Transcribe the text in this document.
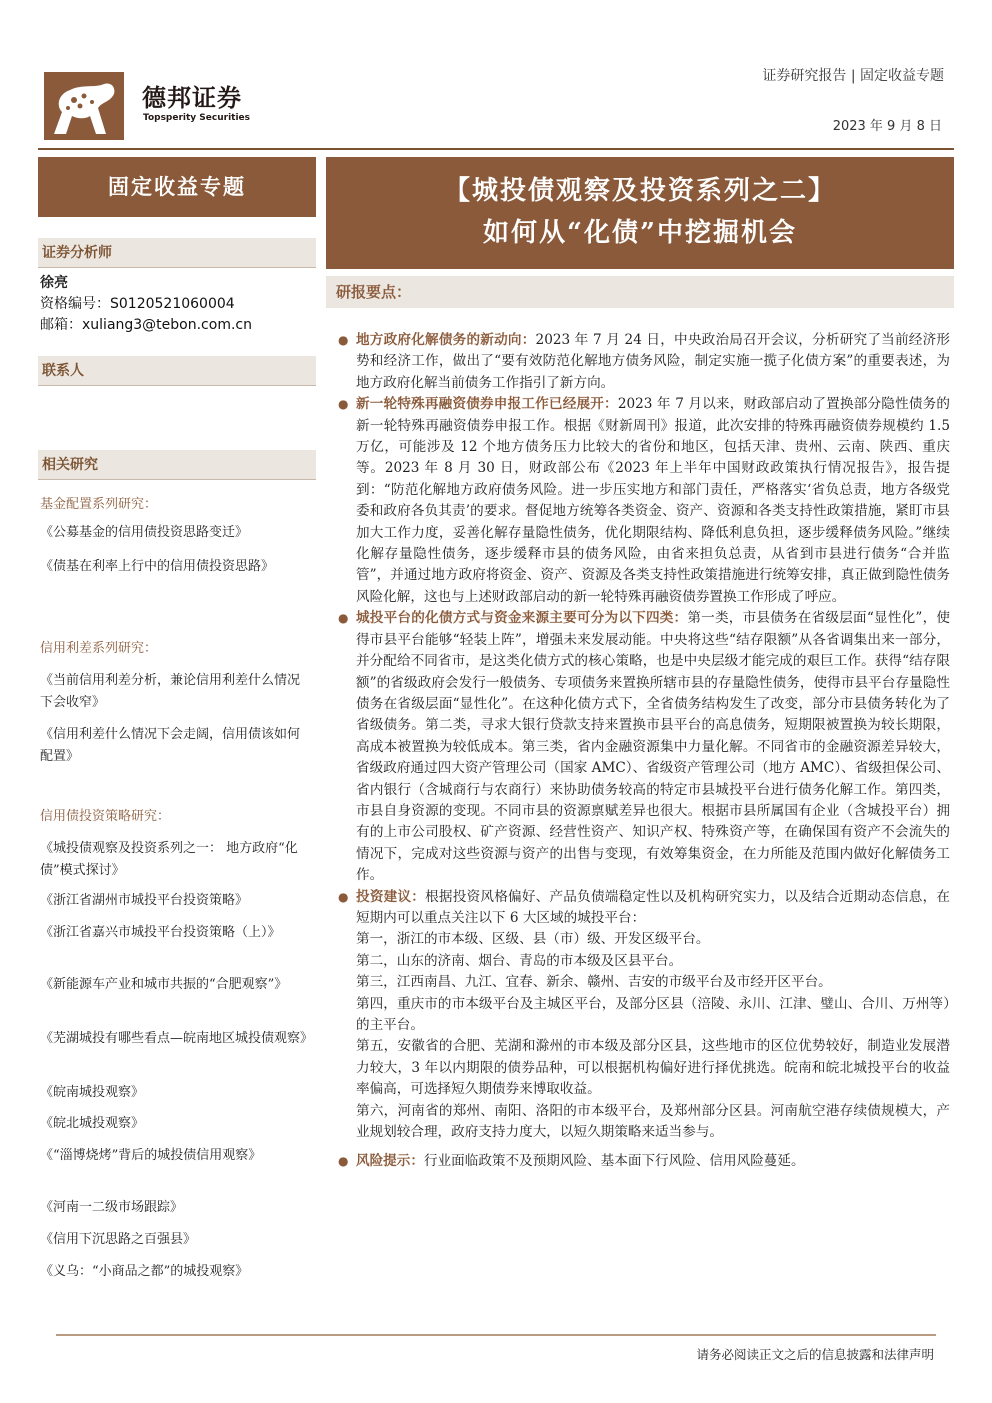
德邦证券
Topsperity Securities
证券研究报告 | 固定收益专题
2023 年 9 月 8 日
固定收益专题
证券分析师
徐亮
资格编号：S0120521060004
邮箱：xuliang3@tebon.com.cn
联系人
相关研究
基金配置系列研究：
《公募基金的信用债投资思路变迁》
《债基在利率上行中的信用债投资思路》
信用利差系列研究：
《当前信用利差分析，兼论信用利差什么情况下会收窄》
《信用利差什么情况下会走阔，信用债该如何配置》
信用债投资策略研究：
《城投债观察及投资系列之一： 地方政府“化债”模式探讨》
《浙江省湖州市城投平台投资策略》
《浙江省嘉兴市城投平台投资策略（上）》
《新能源车产业和城市共振的“合肥观察”》
《芜湖城投有哪些看点—皖南地区城投债观察》
《皖南城投观察》
《皖北城投观察》
《“淄博烧烤”背后的城投债信用观察》
《河南一二级市场跟踪》
《信用下沉思路之百强县》
《义乌：“小商品之都”的城投观察》
【城投债观察及投资系列之二】
如何从“化债”中挖掘机会
研报要点：
● 地方政府化解债务的新动向：2023 年 7 月 24 日，中央政治局召开会议，分析研究了当前经济形势和经济工作，做出了“要有效防范化解地方债务风险，制定实施一揽子化债方案”的重要表述，为地方政府化解当前债务工作指引了新方向。
● 新一轮特殊再融资债券申报工作已经展开：2023 年 7 月以来，财政部启动了置换部分隐性债务的新一轮特殊再融资债券申报工作。根据《财新周刊》报道，此次安排的特殊再融资债券规模约 1.5 万亿，可能涉及 12 个地方债务压力比较大的省份和地区，包括天津、贵州、云南、陕西、重庆等。2023 年 8 月 30 日，财政部公布《2023 年上半年中国财政政策执行情况报告》，报告提到：“防范化解地方政府债务风险。进一步压实地方和部门责任，严格落实‘省负总责，地方各级党委和政府各负其责’的要求。督促地方统筹各类资金、资产、资源和各类支持性政策措施，紧盯市县加大工作力度，妥善化解存量隐性债务，优化期限结构、降低利息负担，逐步缓释债务风险。”继续化解存量隐性债务，逐步缓释市县的债务风险，由省来担负总责，从省到市县进行债务“合并监管”，并通过地方政府将资金、资产、资源及各类支持性政策措施进行统筹安排，真正做到隐性债务风险化解，这也与上述财政部启动的新一轮特殊再融资债券置换工作形成了呼应。
● 城投平台的化债方式与资金来源主要可分为以下四类：第一类，市县债务在省级层面“显性化”，使得市县平台能够“轻装上阵”，增强未来发展动能。中央将这些“结存限额”从各省调集出来一部分，并分配给不同省市，是这类化债方式的核心策略，也是中央层级才能完成的艰巨工作。获得“结存限额”的省级政府会发行一般债务、专项债务来置换所辖市县的存量隐性债务，使得市县平台存量隐性债务在省级层面“显性化”。在这种化债方式下，全省债务结构发生了改变，部分市县债务转化为了省级债务。第二类，寻求大银行贷款支持来置换市县平台的高息债务，短期限被置换为较长期限，高成本被置换为较低成本。第三类，省内金融资源集中力量化解。不同省市的金融资源差异较大，省级政府通过四大资产管理公司（国家 AMC）、省级资产管理公司（地方 AMC）、省级担保公司、省内银行（含城商行与农商行）来协助债务较高的特定市县城投平台进行债务化解工作。第四类，市县自身资源的变现。不同市县的资源禀赋差异也很大。根据市县所属国有企业（含城投平台）拥有的上市公司股权、矿产资源、经营性资产、知识产权、特殊资产等，在确保国有资产不会流失的情况下，完成对这些资源与资产的出售与变现，有效筹集资金，在力所能及范围内做好化解债务工作。
● 投资建议：根据投资风格偏好、产品负债端稳定性以及机构研究实力，以及结合近期动态信息，在短期内可以重点关注以下 6 大区域的城投平台：
第一，浙江的市本级、区级、县（市）级、开发区级平台。
第二，山东的济南、烟台、青岛的市本级及区县平台。
第三，江西南昌、九江、宜春、新余、赣州、吉安的市级平台及市经开区平台。
第四，重庆市的市本级平台及主城区平台，及部分区县（涪陵、永川、江津、璧山、合川、万州等）的主平台。
第五，安徽省的合肥、芜湖和滁州的市本级及部分区县，这些地市的区位优势较好，制造业发展潜力较大，3 年以内期限的债券品种，可以根据机构偏好进行择优挑选。皖南和皖北城投平台的收益率偏高，可选择短久期债券来博取收益。
第六，河南省的郑州、南阳、洛阳的市本级平台，及郑州部分区县。河南航空港存续债规模大，产业规划较合理，政府支持力度大，以短久期策略来适当参与。
● 风险提示：行业面临政策不及预期风险、基本面下行风险、信用风险蔓延。
请务必阅读正文之后的信息披露和法律声明
